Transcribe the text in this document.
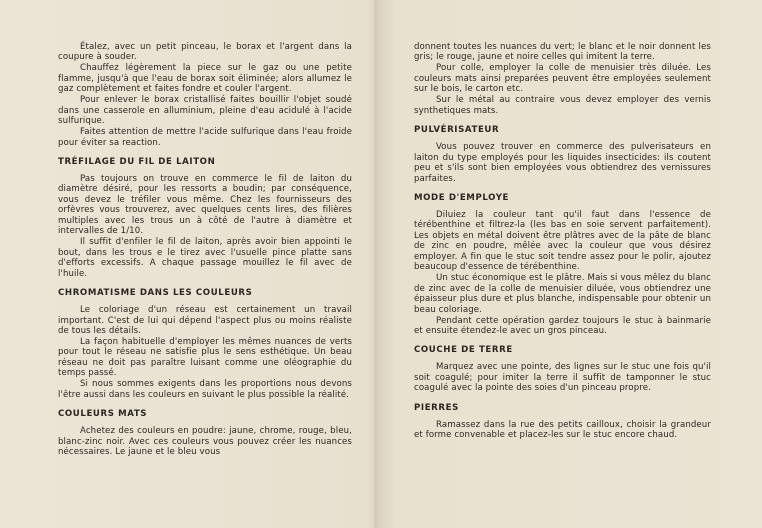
Étalez, avec un petit pinceau, le borax et l'argent dans la coupure à souder.

Chauffez légèrement la piece sur le gaz ou une petite flamme, jusqu'à que l'eau de borax soit éliminée; alors allumez le gaz complètement et faites fondre et couler l'argent.

Pour enlever le borax cristallisé faites bouillir l'objet soudé dans une casserole en alluminium, pleine d'eau acidulé à l'acide sulfurique.

Faites attention de mettre l'acide sulfurique dans l'eau froide pour éviter sa reaction.

TRÉFILAGE DU FIL DE LAITON

Pas toujours on trouve en commerce le fil de laiton du diamètre désiré, pour les ressorts a boudin; par conséquence, vous devez le tréfiler vous même. Chez les fournisseurs des orfèvres vous trouverez, avec quelques cents lires, des filières multiples avec les trous un à côté de l'autre à diamètre et intervalles de 1/10.

Il suffit d'enfiler le fil de laiton, après avoir bien appointi le bout, dans les trous e le tirez avec l'usuelle pince platte sans d'efforts excessifs. A chaque passage mouillez le fil avec de l'huile.

CHROMATISME DANS LES COULEURS

Le coloriage d'un réseau est certainement un travail important. C'est de lui qui dépend l'aspect plus ou moins réaliste de tous les détails.

La façon habituelle d'employer les mêmes nuances de verts pour tout le réseau ne satisfie plus le sens esthétique. Un beau réseau ne doit pas paraître luisant comme une oléographie du temps passé.

Si nous sommes exigents dans les proportions nous devons l'être aussi dans les couleurs en suivant le plus possible la réalité.

COULEURS MATS

Achetez des couleurs en poudre: jaune, chrome, rouge, bleu, blanc-zinc noir. Avec ces couleurs vous pouvez créer les nuances nécessaires. Le jaune et le bleu vous

donnent toutes les nuances du vert; le blanc et le noir donnent les gris; le rouge, jaune et noire celles qui imitent la terre.

Pour colle, employer la colle de menuisier très diluée. Les couleurs mats ainsi preparées peuvent être employées seulement sur le bois, le carton etc.

Sur le métal au contraire vous devez employer des vernis synthetiques mats.

PULVÉRISATEUR

Vous pouvez trouver en commerce des pulverisateurs en laiton du type employés pour les liquides insecticides: ils coutent peu et s'ils sont bien employées vous obtiendrez des vernissures parfaites.

MODE D'EMPLOYE

Diluiez la couleur tant qu'il faut dans l'essence de térébenthine et filtrez-la (les bas en soie servent parfaitement). Les objets en métal doivent être plâtres avec de la pâte de blanc de zinc en poudre, mêlée avec la couleur que vous désirez employer. A fin que le stuc soit tendre assez pour le polir, ajoutez beaucoup d'essence de térébenthine.

Un stuc économique est le plâtre. Mais si vous mêlez du blanc de zinc avec de la colle de menuisier diluée, vous obtiendrez une épaisseur plus dure et plus blanche, indispensable pour obtenir un beau coloriage.

Pendant cette opération gardez toujours le stuc à bainmarie et ensuite étendez-le avec un gros pinceau.

COUCHE DE TERRE

Marquez avec une pointe, des lignes sur le stuc une fois qu'il soit coagulé; pour imiter la terre il suffit de tamponner le stuc coagulé avec la pointe des soies d'un pinceau propre.

PIERRES

Ramassez dans la rue des petits cailloux, choisir la grandeur et forme convenable et placez-les sur le stuc encore chaud.
